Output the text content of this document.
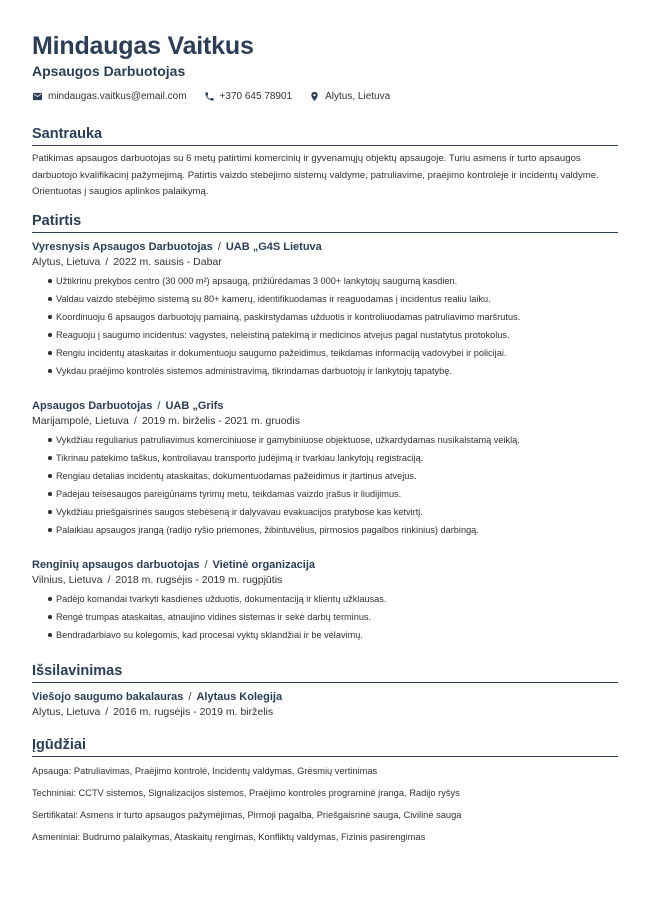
Mindaugas Vaitkus
Apsaugos Darbuotojas
mindaugas.vaitkus@email.com	+370 645 78901	Alytus, Lietuva
Santrauka
Patikimas apsaugos darbuotojas su 6 metų patirtimi komercinių ir gyvenamųjų objektų apsaugoje. Turiu asmens ir turto apsaugos darbuotojo kvalifikacinį pažymėjimą. Patirtis vaizdo stebėjimo sistemų valdyme, patruliavime, praėjimo kontrolėje ir incidentų valdyme. Orientuotas į saugios aplinkos palaikymą.
Patirtis
Vyresnysis Apsaugos Darbuotojas / UAB „G4S Lietuva
Alytus, Lietuva / 2022 m. sausis - Dabar
Užtikrinu prekybos centro (30 000 m²) apsaugą, prižiūrėdamas 3 000+ lankytojų saugumą kasdien.
Valdau vaizdo stebėjimo sistemą su 80+ kamerų, identifikuodamas ir reaguodamas į incidentus realiu laiku.
Koordinuoju 6 apsaugos darbuotojų pamainą, paskirstydamas užduotis ir kontroliuodamas patruliavimo maršrutus.
Reaguoju į saugumo incidentus: vagystes, neleistiną patekimą ir medicinos atvejus pagal nustatytus protokolus.
Rengiu incidentų ataskaitas ir dokumentuoju saugumo pažeidimus, teikdamas informaciją vadovybei ir policijai.
Vykdau praėjimo kontrolės sistemos administravimą, tikrindamas darbuotojų ir lankytojų tapatybę.
Apsaugos Darbuotojas / UAB „Grifs
Marijampolė, Lietuva / 2019 m. birželis - 2021 m. gruodis
Vykdžiau reguliarius patruliavimus komerciniuose ir gamybiniuose objektuose, užkardydamas nusikalstamą veiklą.
Tikrinau patekimo taškus, kontroliavau transporto judėjimą ir tvarkiau lankytojų registraciją.
Rengiau detalias incidentų ataskaitas, dokumentuodamas pažeidimus ir įtartinus atvejus.
Padėjau teisėsaugos pareigūnams tyrimų metu, teikdamas vaizdo įrašus ir liudijimus.
Vykdžiau priešgaisrinės saugos stebėseną ir dalyvavau evakuacijos pratybose kas ketvirtį.
Palaikiau apsaugos įrangą (radijo ryšio priemones, žibintuvėlius, pirmosios pagalbos rinkinius) darbingą.
Renginių apsaugos darbuotojas / Vietinė organizacija
Vilnius, Lietuva / 2018 m. rugsėjis - 2019 m. rugpjūtis
Padėjo komandai tvarkyti kasdienes užduotis, dokumentaciją ir klientų užklausas.
Rengė trumpas ataskaitas, atnaujino vidines sistemas ir sekė darbų terminus.
Bendradarbiavo su kolegomis, kad procesai vyktų sklandžiai ir be vėlavimų.
Išsilavinimas
Viešojo saugumo bakalauras / Alytaus Kolegija
Alytus, Lietuva / 2016 m. rugsėjis - 2019 m. birželis
Įgūdžiai
Apsauga: Patruliavimas, Praėjimo kontrolė, Incidentų valdymas, Grėsmių vertinimas
Techniniai: CCTV sistemos, Signalizacijos sistemos, Praėjimo kontrolės programinė įranga, Radijo ryšys
Sertifikatai: Asmens ir turto apsaugos pažymėjimas, Pirmoji pagalba, Priešgaisrinė sauga, Civilinė sauga
Asmeniniai: Budrumo palaikymas, Ataskaitų rengimas, Konfliktų valdymas, Fizinis pasirengimas
